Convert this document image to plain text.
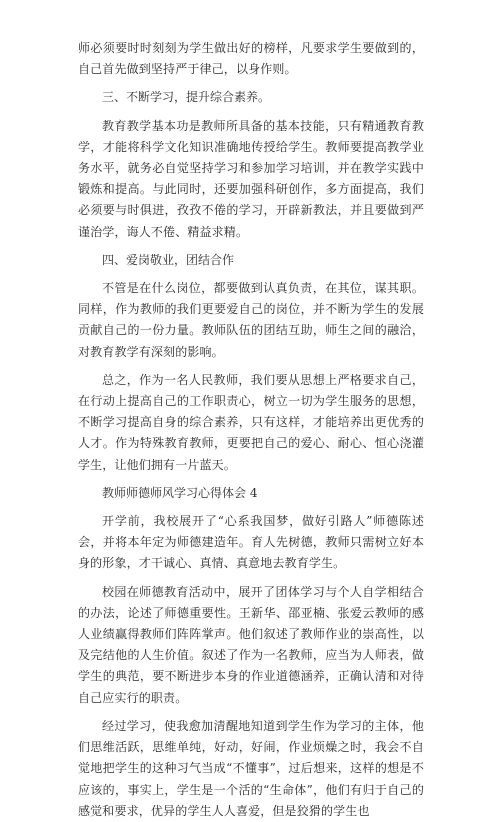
师必须要时时刻刻为学生做出好的榜样，凡要求学生要做到的，自己首先做到坚持严于律己，以身作则。

三、不断学习，提升综合素养。

教育教学基本功是教师所具备的基本技能，只有精通教育教学，才能将科学文化知识准确地传授给学生。教师要提高教学业务水平，就务必自觉坚持学习和参加学习培训，并在教学实践中锻炼和提高。与此同时，还要加强科研创作，多方面提高，我们必须要与时俱进，孜孜不倦的学习，开辟新教法，并且要做到严谨治学，诲人不倦、精益求精。

四、爱岗敬业，团结合作

不管是在什么岗位，都要做到认真负责，在其位，谋其职。同样，作为教师的我们更要爱自己的岗位，并不断为学生的发展贡献自己的一份力量。教师队伍的团结互助，师生之间的融洽，对教育教学有深刻的影响。

总之，作为一名人民教师，我们要从思想上严格要求自己，在行动上提高自己的工作职责心，树立一切为学生服务的思想，不断学习提高自身的综合素养，只有这样，才能培养出更优秀的人才。作为特殊教育教师，更要把自己的爱心、耐心、恒心浇灌学生，让他们拥有一片蓝天。

教师师德师风学习心得体会 4

开学前，我校展开了“心系我国梦，做好引路人”师德陈述会，并将本年定为师德建造年。育人先树德，教师只需树立好本身的形象，才干诚心、真情、真意地去教育学生。

校园在师德教育活动中，展开了团体学习与个人自学相结合的办法，论述了师德重要性。王新华、邵亚楠、张爱云教师的感人业绩赢得教师们阵阵掌声。他们叙述了教师作业的崇高性，以及完结他的人生价值。叙述了作为一名教师，应当为人师表，做学生的典范，要不断进步本身的作业道德涵养，正确认清和对待自己应实行的职责。

经过学习，使我愈加清醒地知道到学生作为学习的主体，他们思维活跃，思维单纯，好动，好闹，作业烦燥之时，我会不自觉地把学生的这种习气当成“不懂事”，过后想来，这样的想是不应该的，事实上，学生是一个活的“生命体”，他们有归于自己的感觉和要求，优异的学生人人喜爱，但是狡猾的学生也
